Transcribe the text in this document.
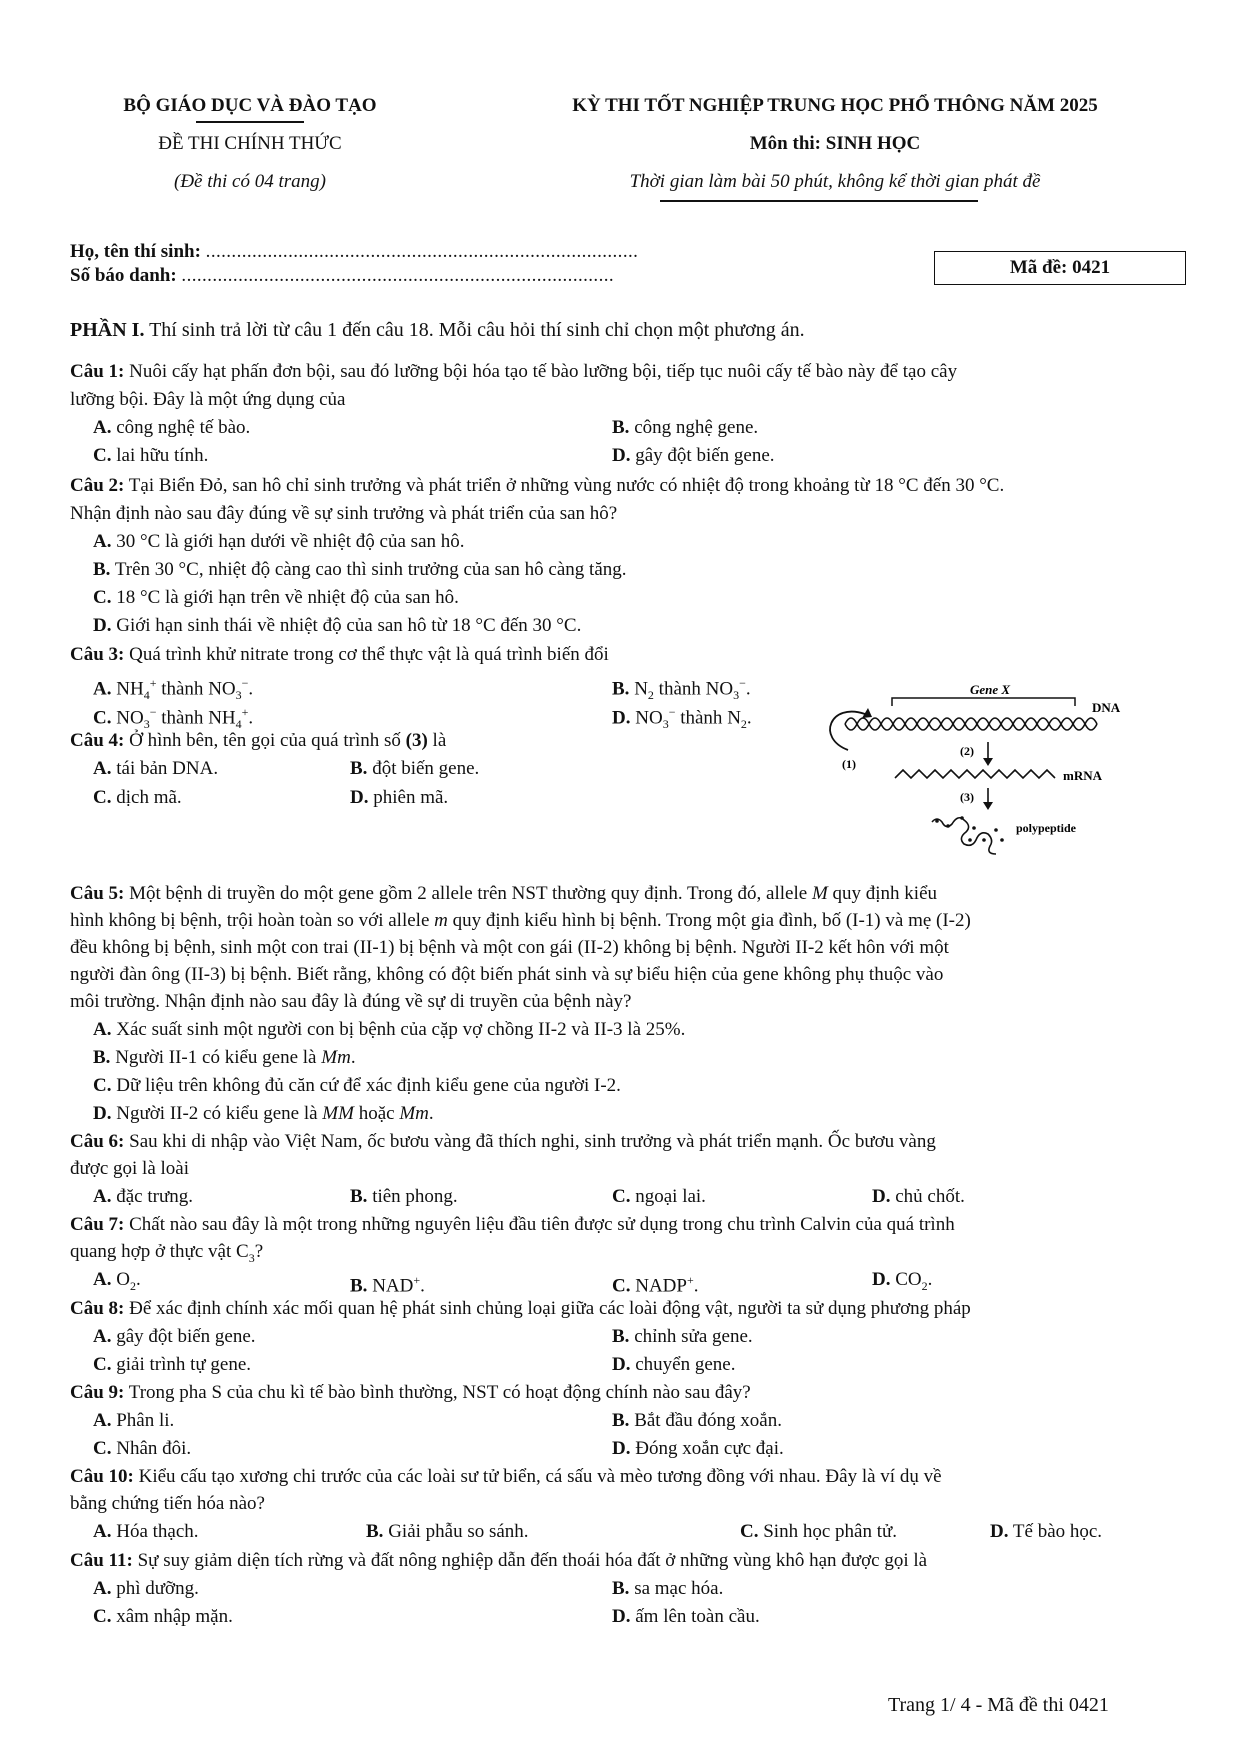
BỘ GIÁO DỤC VÀ ĐÀO TẠO
ĐỀ THI CHÍNH THỨC
(Đề thi có 04 trang)
KỲ THI TỐT NGHIỆP TRUNG HỌC PHỔ THÔNG NĂM 2025
Môn thi: SINH HỌC
Thời gian làm bài 50 phút, không kể thời gian phát đề
Họ, tên thí sinh: ....................................................................................
Số báo danh: ....................................................................................	Mã đề: 0421
PHẦN I. Thí sinh trả lời từ câu 1 đến câu 18. Mỗi câu hỏi thí sinh chỉ chọn một phương án.
Câu 1: Nuôi cấy hạt phấn đơn bội, sau đó lưỡng bội hóa tạo tế bào lưỡng bội, tiếp tục nuôi cấy tế bào này để tạo cây
lưỡng bội. Đây là một ứng dụng của
A. công nghệ tế bào.	B. công nghệ gene.
C. lai hữu tính.	D. gây đột biến gene.
Câu 2: Tại Biển Đỏ, san hô chỉ sinh trưởng và phát triển ở những vùng nước có nhiệt độ trong khoảng từ 18 °C đến 30 °C.
Nhận định nào sau đây đúng về sự sinh trưởng và phát triển của san hô?
A. 30 °C là giới hạn dưới về nhiệt độ của san hô.
B. Trên 30 °C, nhiệt độ càng cao thì sinh trưởng của san hô càng tăng.
C. 18 °C là giới hạn trên về nhiệt độ của san hô.
D. Giới hạn sinh thái về nhiệt độ của san hô từ 18 °C đến 30 °C.
Câu 3: Quá trình khử nitrate trong cơ thể thực vật là quá trình biến đổi
A. $NH_4^+$ thành $NO_3^-$.	B. $N_2$ thành $NO_3^-$.
C. $NO_3^-$ thành $NH_4^+$.	D. $NO_3^-$ thành $N_2$.
Câu 4: Ở hình bên, tên gọi của quá trình số (3) là
A. tái bản DNA.	B. đột biến gene.
C. dịch mã.	D. phiên mã.
Gene X
DNA
(1)
(2)
mRNA
(3)
polypeptide
Câu 5: Một bệnh di truyền do một gene gồm 2 allele trên NST thường quy định. Trong đó, allele M quy định kiểu
hình không bị bệnh, trội hoàn toàn so với allele m quy định kiểu hình bị bệnh. Trong một gia đình, bố (I-1) và mẹ (I-2)
đều không bị bệnh, sinh một con trai (II-1) bị bệnh và một con gái (II-2) không bị bệnh. Người II-2 kết hôn với một
người đàn ông (II-3) bị bệnh. Biết rằng, không có đột biến phát sinh và sự biểu hiện của gene không phụ thuộc vào
môi trường. Nhận định nào sau đây là đúng về sự di truyền của bệnh này?
A. Xác suất sinh một người con bị bệnh của cặp vợ chồng II-2 và II-3 là 25%.
B. Người II-1 có kiểu gene là Mm.
C. Dữ liệu trên không đủ căn cứ để xác định kiểu gene của người I-2.
D. Người II-2 có kiểu gene là MM hoặc Mm.
Câu 6: Sau khi di nhập vào Việt Nam, ốc bươu vàng đã thích nghi, sinh trưởng và phát triển mạnh. Ốc bươu vàng
được gọi là loài
A. đặc trưng.	B. tiên phong.	C. ngoại lai.	D. chủ chốt.
Câu 7: Chất nào sau đây là một trong những nguyên liệu đầu tiên được sử dụng trong chu trình Calvin của quá trình
quang hợp ở thực vật $C_3$?
A. $O_2$.	B. NAD+.	C. NADP+.	D. $CO_2$.
Câu 8: Để xác định chính xác mối quan hệ phát sinh chủng loại giữa các loài động vật, người ta sử dụng phương pháp
A. gây đột biến gene.	B. chỉnh sửa gene.
C. giải trình tự gene.	D. chuyển gene.
Câu 9: Trong pha S của chu kì tế bào bình thường, NST có hoạt động chính nào sau đây?
A. Phân li.	B. Bắt đầu đóng xoắn.
C. Nhân đôi.	D. Đóng xoắn cực đại.
Câu 10: Kiểu cấu tạo xương chi trước của các loài sư tử biển, cá sấu và mèo tương đồng với nhau. Đây là ví dụ về
bằng chứng tiến hóa nào?
A. Hóa thạch.	B. Giải phẫu so sánh.	C. Sinh học phân tử.	D. Tế bào học.
Câu 11: Sự suy giảm diện tích rừng và đất nông nghiệp dẫn đến thoái hóa đất ở những vùng khô hạn được gọi là
A. phì dưỡng.	B. sa mạc hóa.
C. xâm nhập mặn.	D. ấm lên toàn cầu.
Trang 1/ 4 - Mã đề thi 0421
